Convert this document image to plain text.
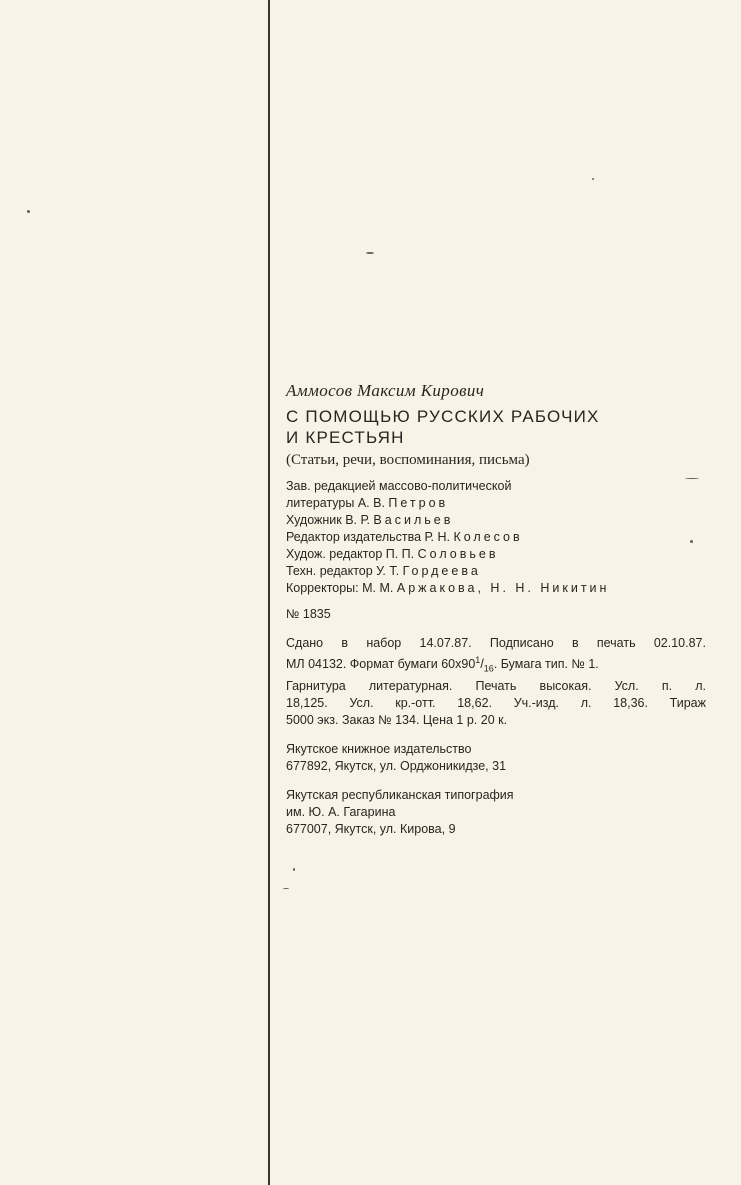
Аммосов Максим Кирович

С ПОМОЩЬЮ РУССКИХ РАБОЧИХ

И КРЕСТЬЯН

(Статьи, речи, воспоминания, письма)

Зав. редакцией массово-политической
литературы А. В. Петров
Художник В. Р. Васильев
Редактор издательства Р. Н. Колесов
Худож. редактор П. П. Соловьев
Техн. редактор У. Т. Гордеева
Корректоры: М. М. Аржакова, Н. Н. Никитин

№ 1835

Сдано в набор 14.07.87. Подписано в печать 02.10.87.
МЛ 04132. Формат бумаги $60x90^1/_{16}$. Бумага тип. № 1.
Гарнитура литературная. Печать высокая. Усл. п. л.
18,125. Усл. кр.-отт. 18,62. Уч.-изд. л. 18,36. Тираж
5000 экз. Заказ № 134. Цена 1 р. 20 к.
Якутское книжное издательство
677892, Якутск, ул. Орджоникидзе, 31
Якутская республиканская типография
им. Ю. А. Гагарина
677007, Якутск, ул. Кирова, 9
